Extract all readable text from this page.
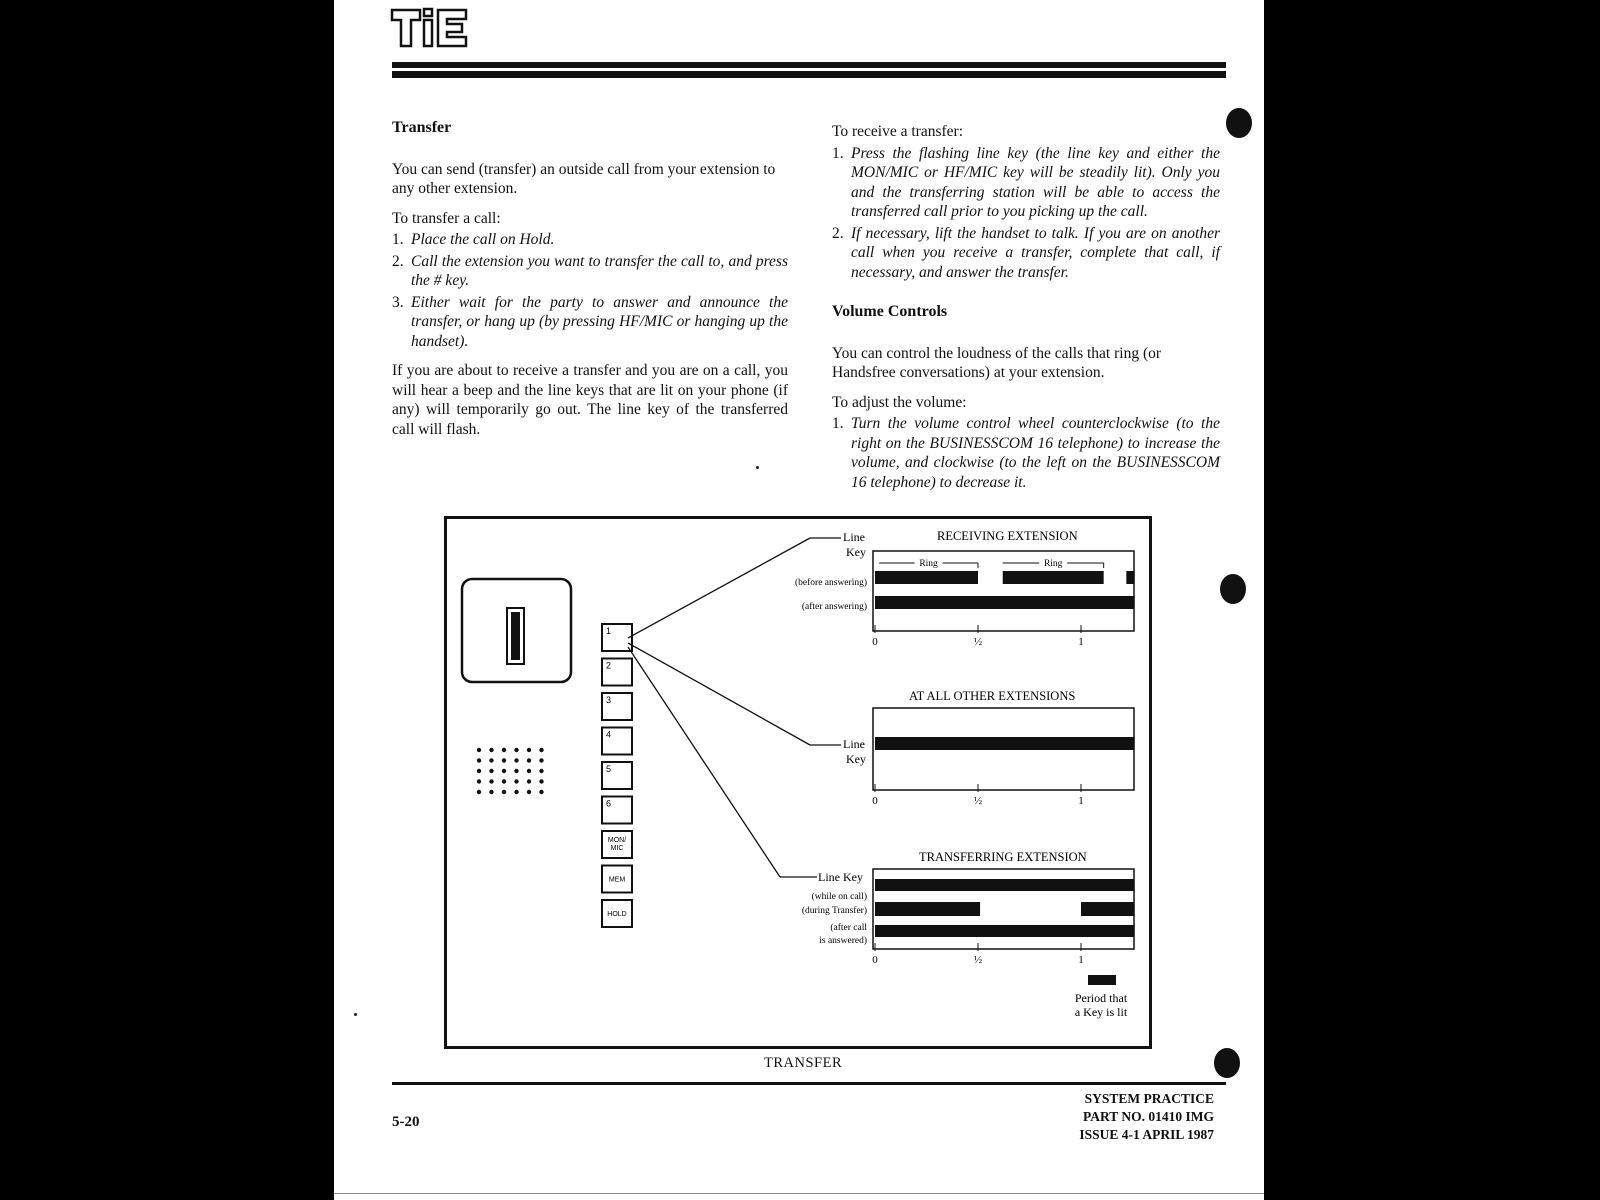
Transfer

You can send (transfer) an outside call from your extension to any other extension.

To transfer a call:

1. Place the call on Hold.
2. Call the extension you want to transfer the call to, and press the # key.
3. Either wait for the party to answer and announce the transfer, or hang up (by pressing HF/MIC or hanging up the handset).

If you are about to receive a transfer and you are on a call, you will hear a beep and the line keys that are lit on your phone (if any) will temporarily go out. The line key of the transferred call will flash.

To receive a transfer:

1. Press the flashing line key (the line key and either the MON/MIC or HF/MIC key will be steadily lit). Only you and the transferring station will be able to access the transferred call prior to you picking up the call.
2. If necessary, lift the handset to talk. If you are on another call when you receive a transfer, complete that call, if necessary, and answer the transfer.

Volume Controls

You can control the loudness of the calls that ring (or Handsfree conversations) at your extension.

To adjust the volume:

1. Turn the volume control wheel counterclockwise (to the right on the BUSINESSCOM 16 telephone) to increase the volume, and clockwise (to the left on the BUSINESSCOM 16 telephone) to decrease it.
1
2
3
4
5
6
MON/
MIC
MEM
HOLD
RECEIVING EXTENSION
Line
Key
(before answering)
(after answering)
0	½	1
Ring	Ring
AT ALL OTHER EXTENSIONS
Line
Key
0	½	1
TRANSFERRING EXTENSION
Line Key
(while on call)
(during Transfer)
(after call
is answered)
0	½	1
Period that
a Key is lit
TRANSFER
5-20
SYSTEM PRACTICE
PART NO. 01410 IMG
ISSUE 4-1 APRIL 1987
